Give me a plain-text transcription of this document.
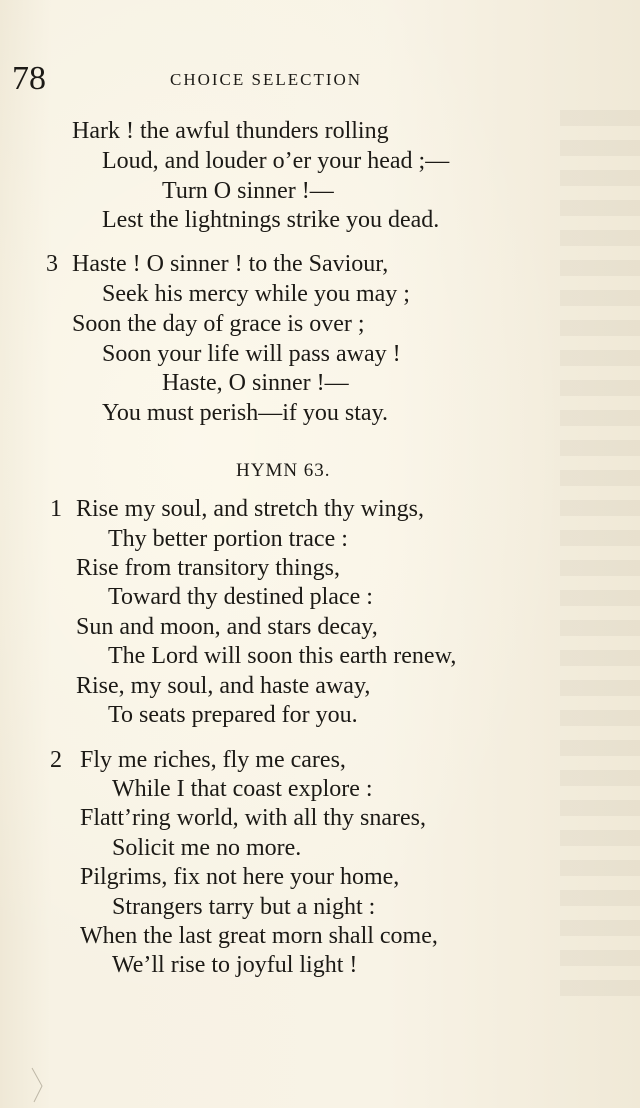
78	CHOICE SELECTION
Hark ! the awful thunders rolling
Loud, and louder o’er your head ;—
Turn O sinner !—
Lest the lightnings strike you dead.
3 Haste ! O sinner ! to the Saviour,
Seek his mercy while you may ;
Soon the day of grace is over ;
Soon your life will pass away !
Haste, O sinner !—
You must perish—if you stay.
HYMN 63.
1 Rise my soul, and stretch thy wings,
Thy better portion trace :
Rise from transitory things,
Toward thy destined place :
Sun and moon, and stars decay,
The Lord will soon this earth renew,
Rise, my soul, and haste away,
To seats prepared for you.
2 Fly me riches, fly me cares,
While I that coast explore :
Flatt’ring world, with all thy snares,
Solicit me no more.
Pilgrims, fix not here your home,
Strangers tarry but a night :
When the last great morn shall come,
We’ll rise to joyful light !
